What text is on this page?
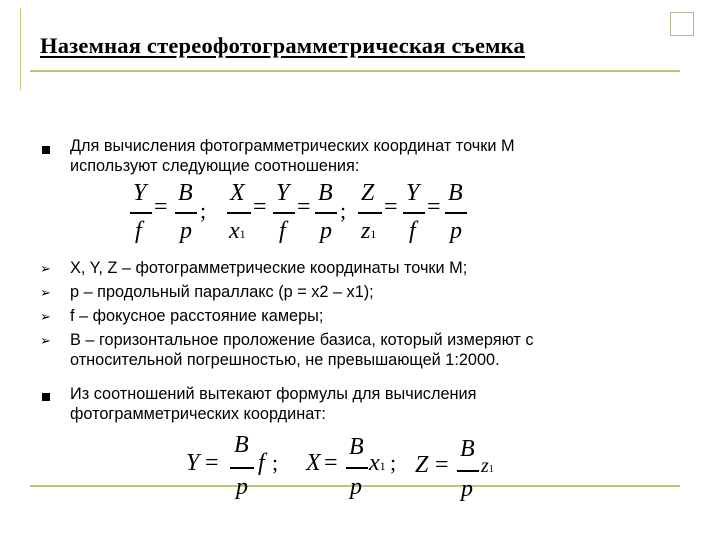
Наземная стереофотограмметрическая съемка
Для вычисления фотограмметрических координат точки М
используют следующие соотношения:
Y
f
=
B
p
;
X
x1
=
Y
f
=
B
p
;
Z
z1
=
Y
f
=
B
p
➢ X, Y, Z – фотограмметрические координаты точки М;
➢ p – продольный параллакс (p = x2 – x1);
➢ f – фокусное расстояние камеры;
➢ B – горизонтальное проложение базиса, который измеряют с
относительной погрешностью, не превышающей 1:2000.
Из соотношений вытекают формулы для вычисления
фотограмметрических координат:
Y =
B
p
f ; X =
B
p
x1 ; Z =
B
p
z1
